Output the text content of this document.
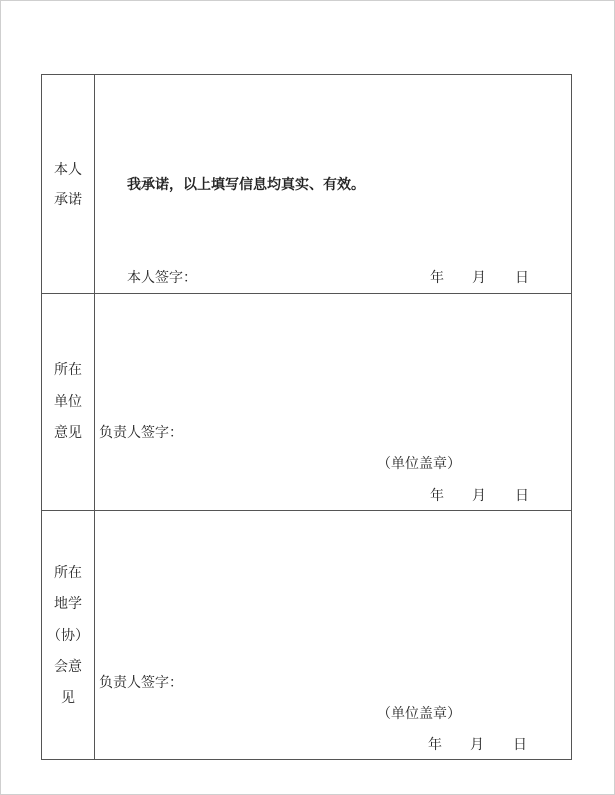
本人
承诺
我承诺，以上填写信息均真实、有效。
本人签字：	年 月 日
所在
单位
意见	负责人签字：
（单位盖章）
年 月 日
所在
地学
（协）
会意
见
负责人签字：
（单位盖章）
年 月 日
